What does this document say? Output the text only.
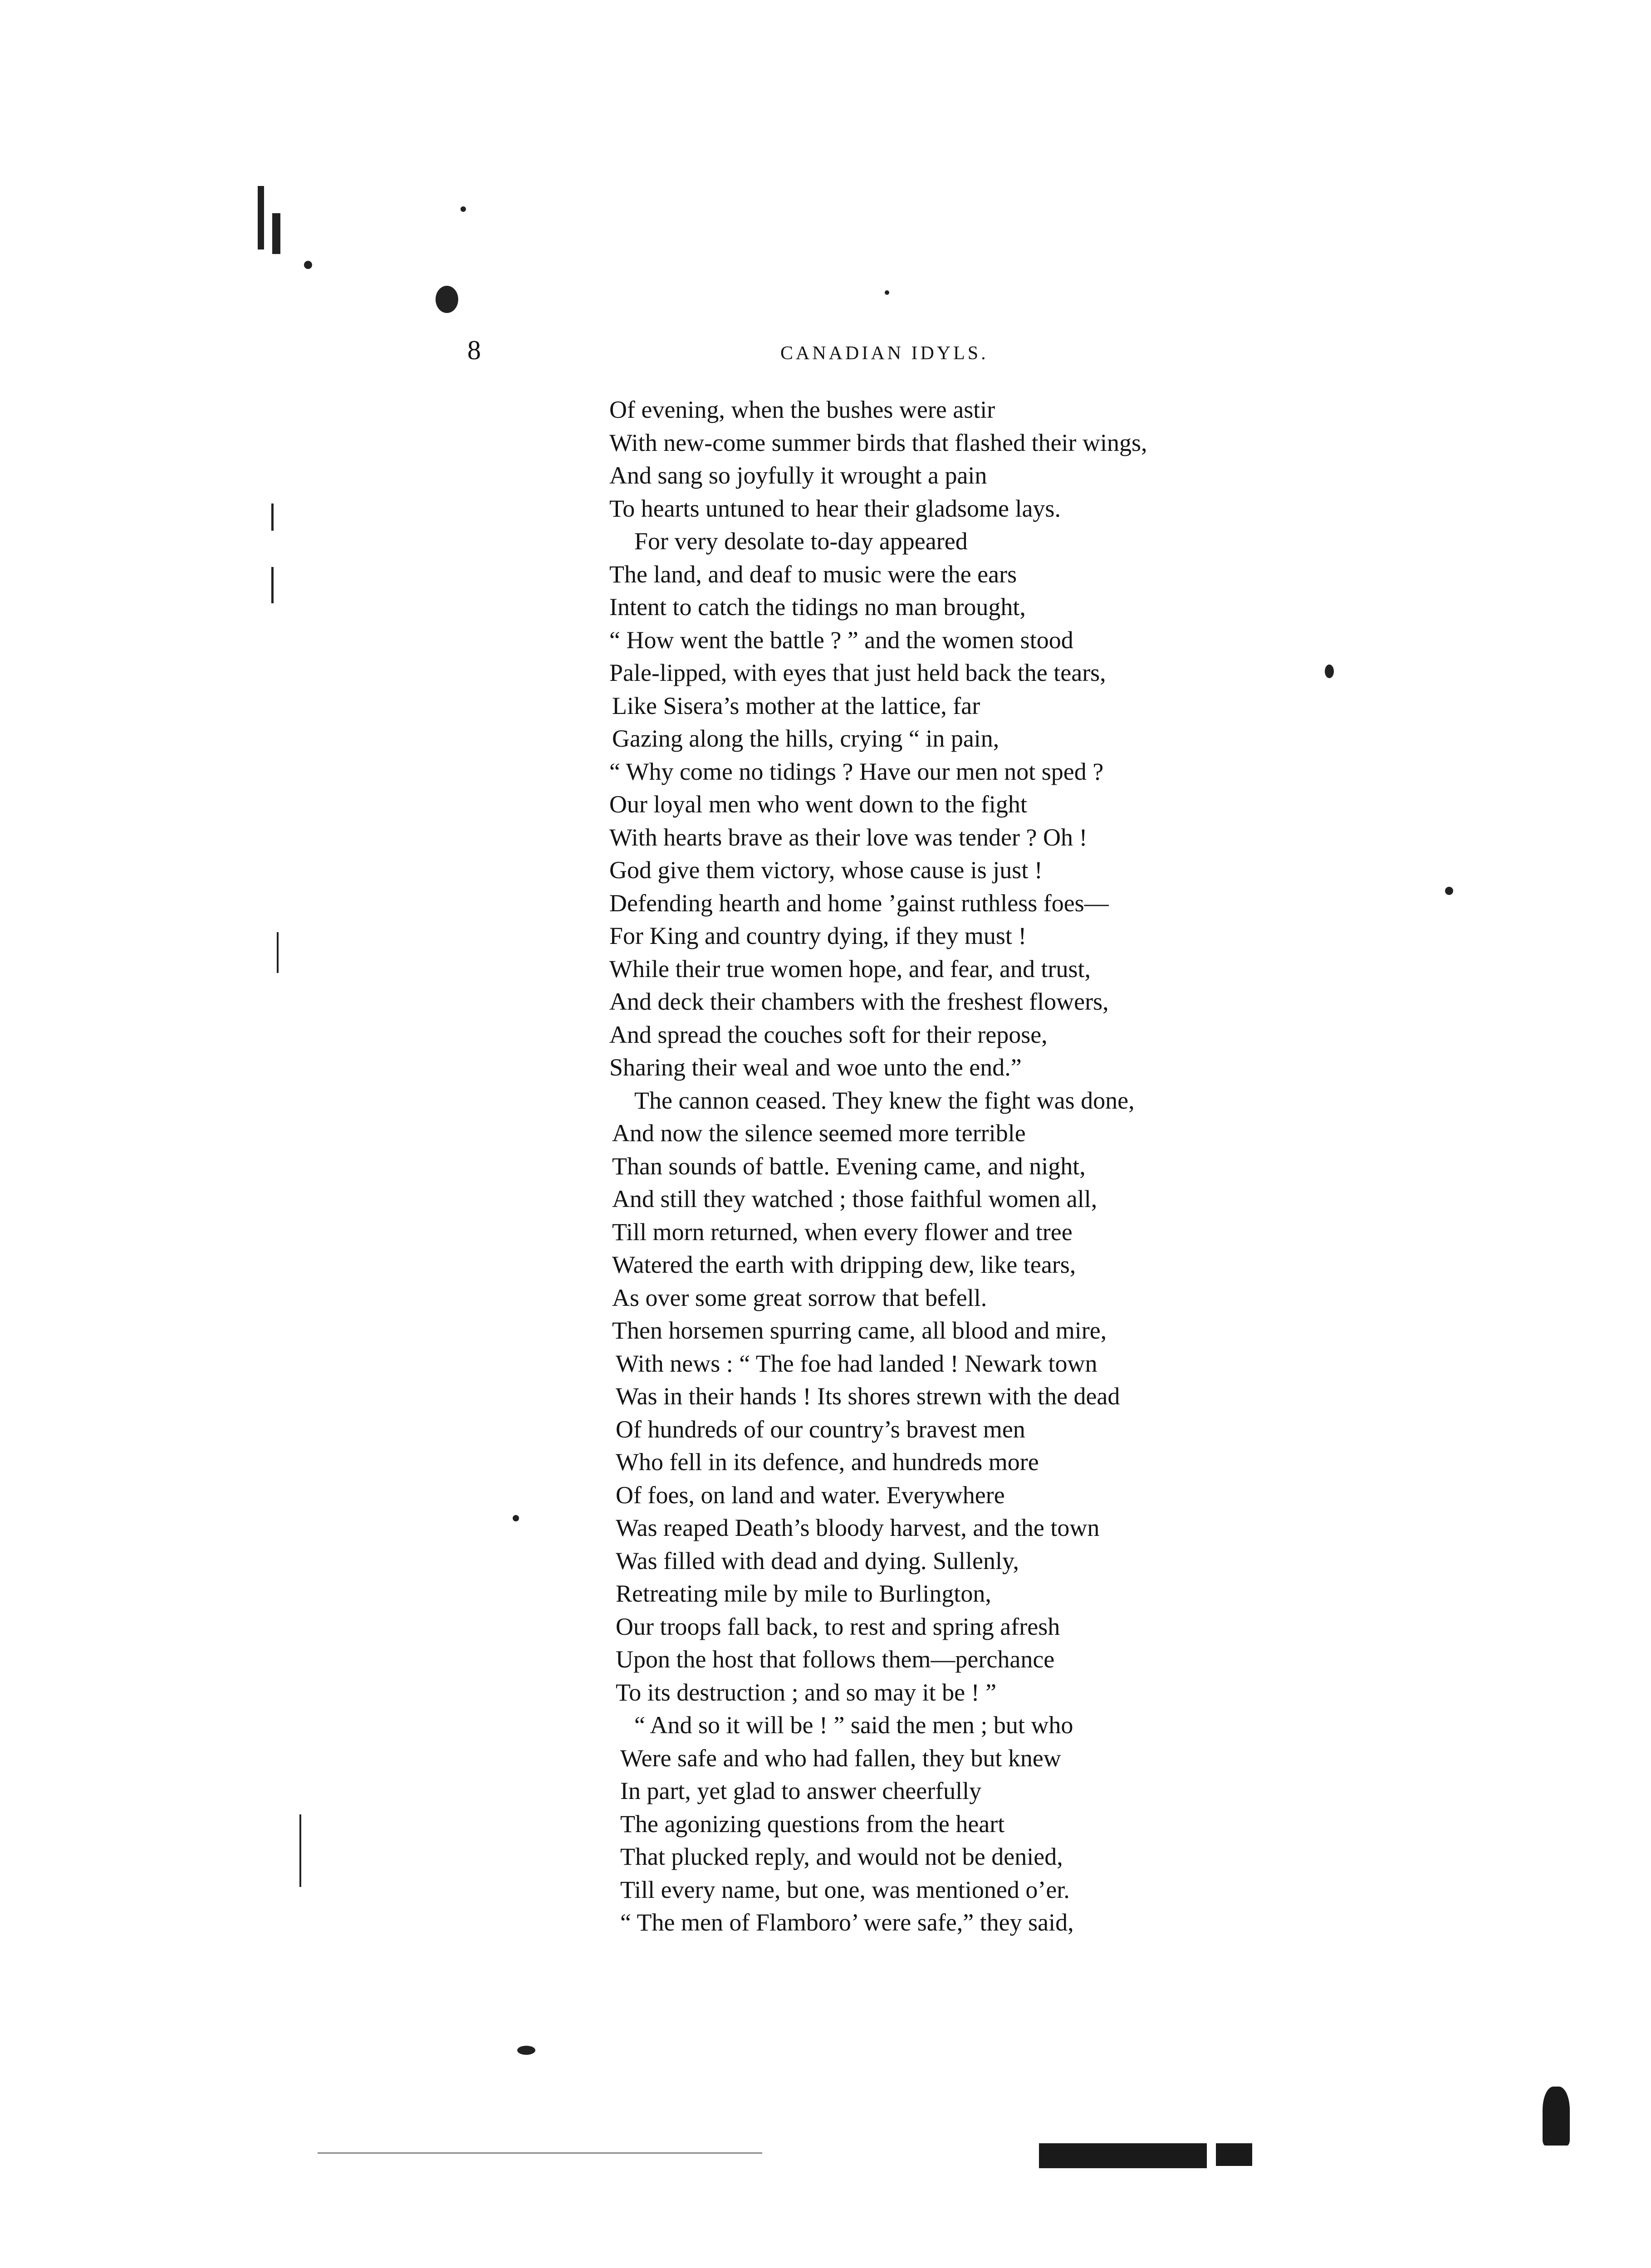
8	CANADIAN IDYLS.
Of evening, when the bushes were astir
With new-come summer birds that flashed their wings,
And sang so joyfully it wrought a pain
To hearts untuned to hear their gladsome lays.
For very desolate to-day appeared
The land, and deaf to music were the ears
Intent to catch the tidings no man brought,
“ How went the battle ? ” and the women stood
Pale-lipped, with eyes that just held back the tears,
Like Sisera’s mother at the lattice, far
Gazing along the hills, crying “ in pain,
“ Why come no tidings ? Have our men not sped ?
Our loyal men who went down to the fight
With hearts brave as their love was tender ? Oh !
God give them victory, whose cause is just !
Defending hearth and home ’gainst ruthless foes—
For King and country dying, if they must !
While their true women hope, and fear, and trust,
And deck their chambers with the freshest flowers,
And spread the couches soft for their repose,
Sharing their weal and woe unto the end.”
The cannon ceased. They knew the fight was done,
And now the silence seemed more terrible
Than sounds of battle. Evening came, and night,
And still they watched ; those faithful women all,
Till morn returned, when every flower and tree
Watered the earth with dripping dew, like tears,
As over some great sorrow that befell.
Then horsemen spurring came, all blood and mire,
With news : “ The foe had landed ! Newark town
Was in their hands ! Its shores strewn with the dead
Of hundreds of our country’s bravest men
Who fell in its defence, and hundreds more
Of foes, on land and water. Everywhere
Was reaped Death’s bloody harvest, and the town
Was filled with dead and dying. Sullenly,
Retreating mile by mile to Burlington,
Our troops fall back, to rest and spring afresh
Upon the host that follows them—perchance
To its destruction ; and so may it be ! ”
“ And so it will be ! ” said the men ; but who
Were safe and who had fallen, they but knew
In part, yet glad to answer cheerfully
The agonizing questions from the heart
That plucked reply, and would not be denied,
Till every name, but one, was mentioned o’er.
“ The men of Flamboro’ were safe,” they said,
